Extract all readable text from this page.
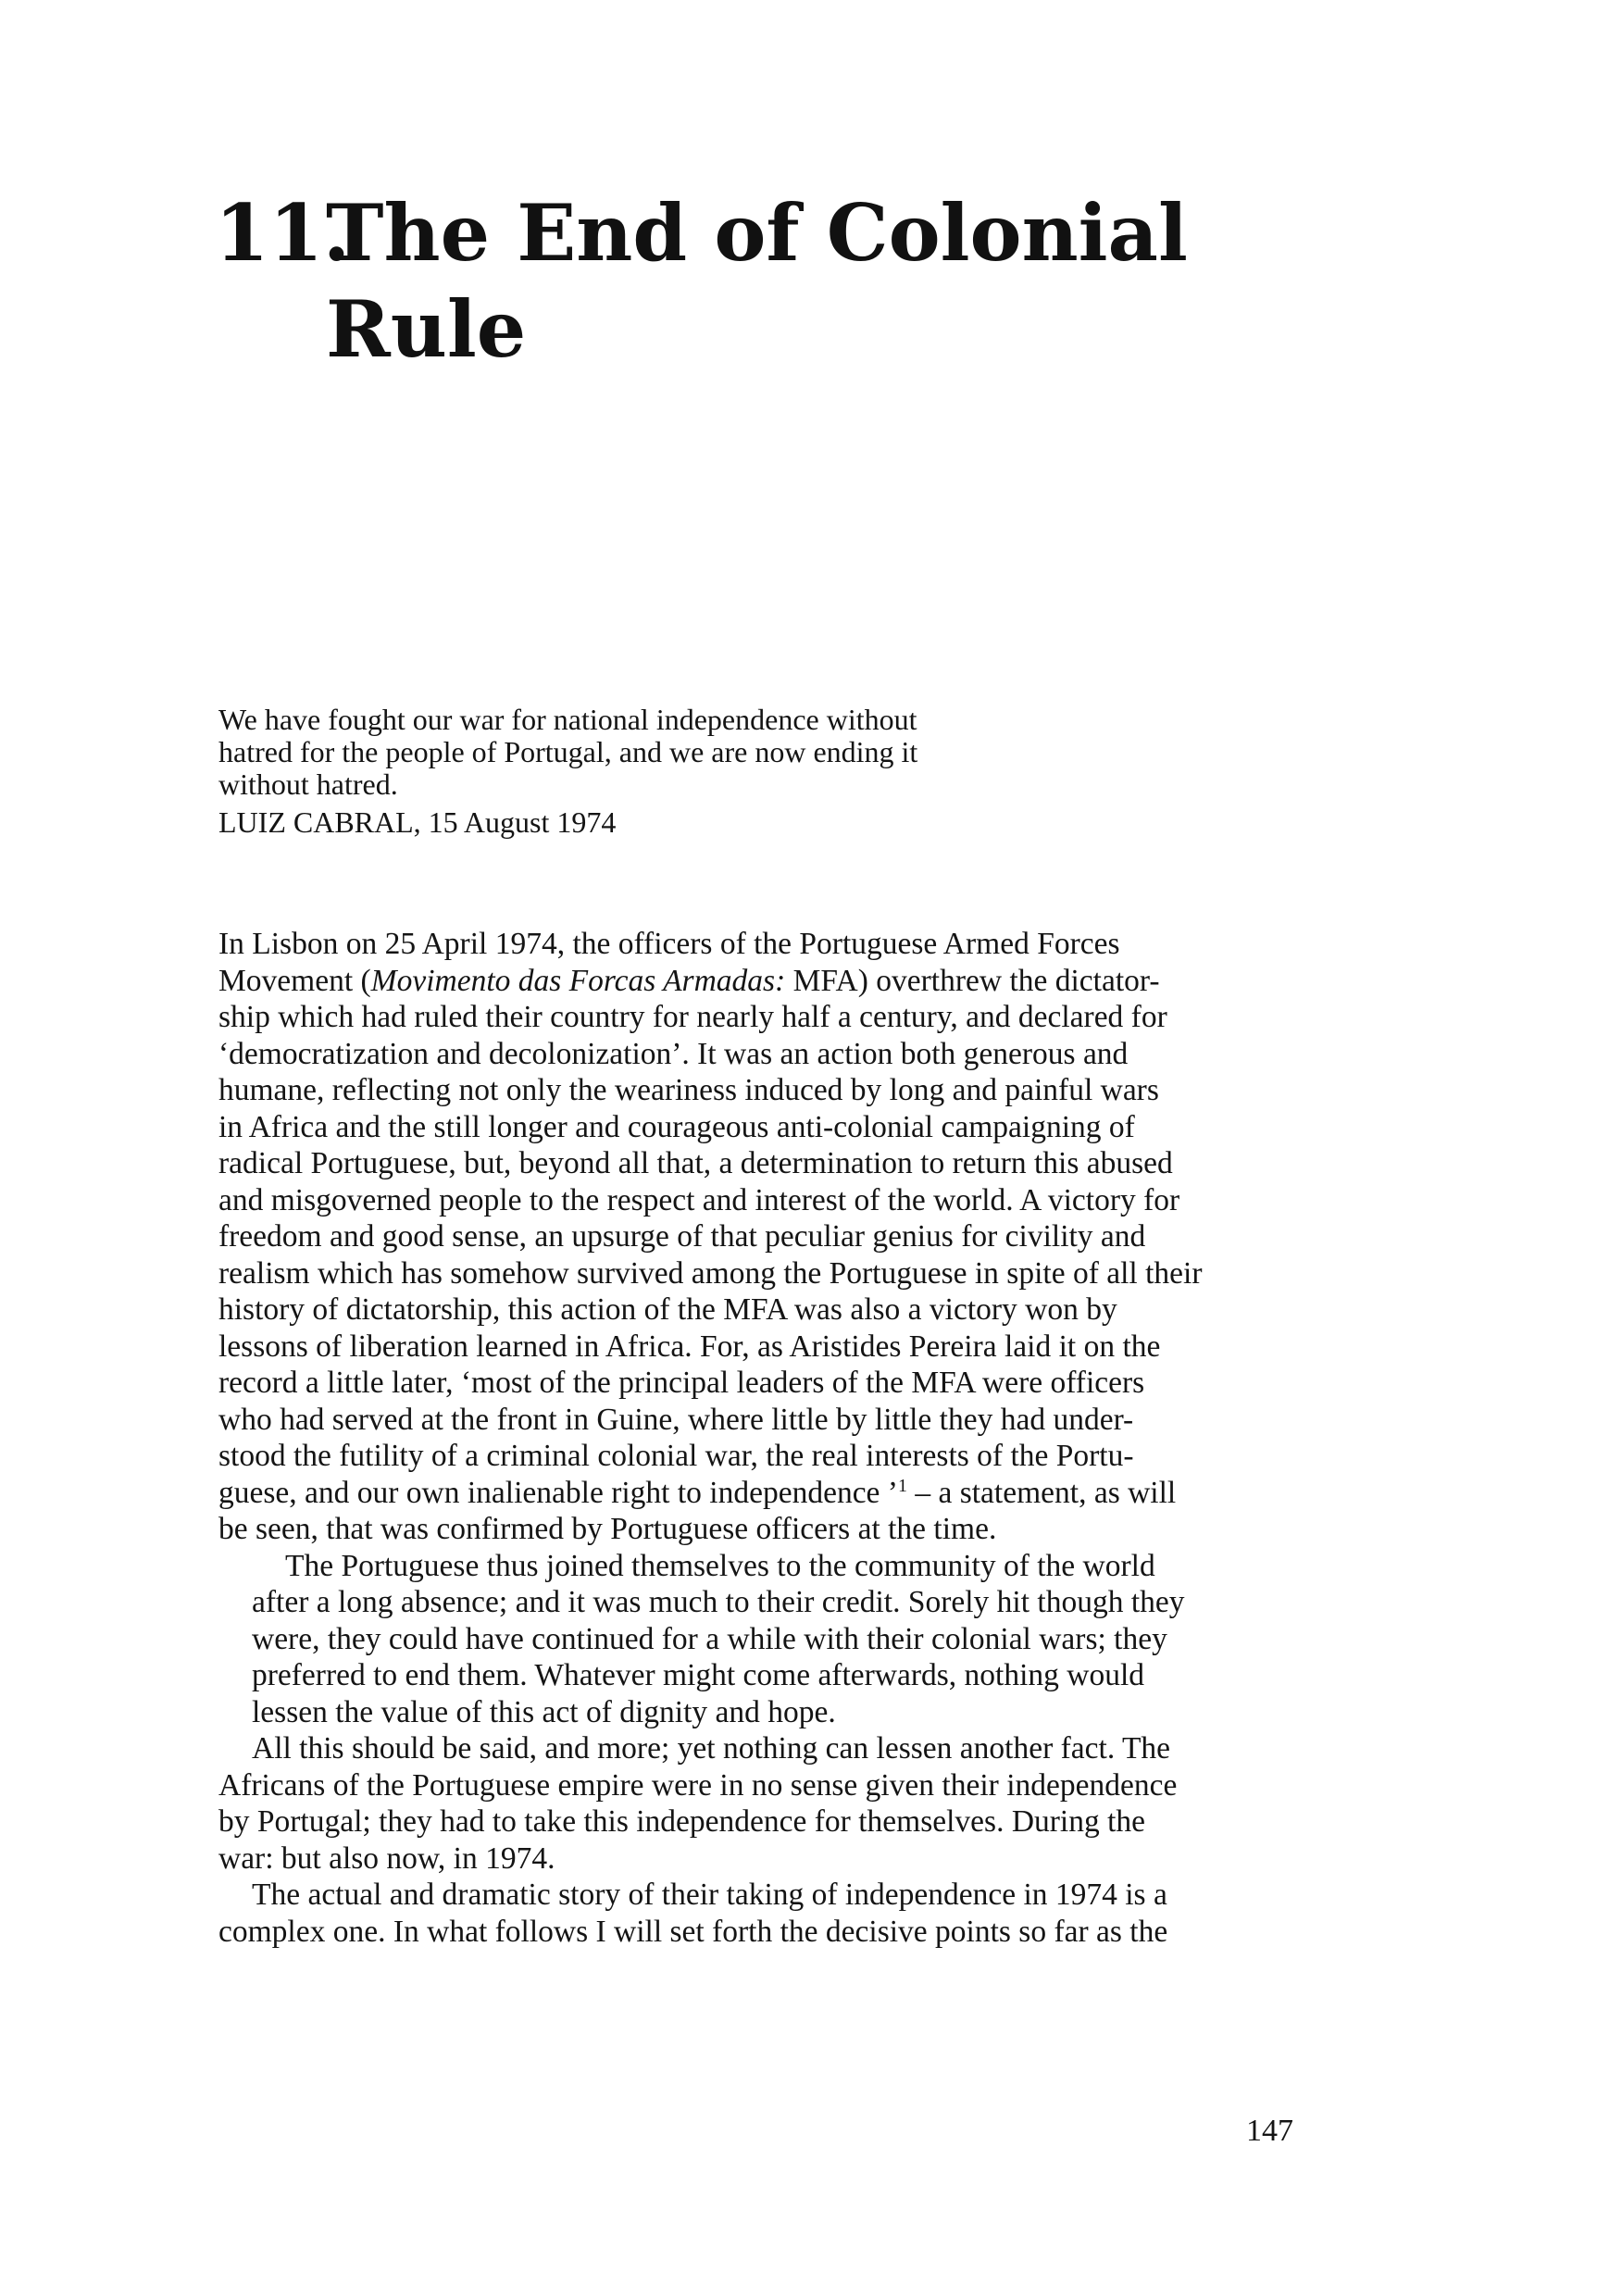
11.The End of Colonial
Rule

We have fought our war for national independence without
hatred for the people of Portugal, and we are now ending it
without hatred.

LUIZ CABRAL, 15 August 1974

In Lisbon on 25 April 1974, the officers of the Portuguese Armed Forces
Movement (Movimento das Forcas Armadas: MFA) overthrew the dictator-
ship which had ruled their country for nearly half a century, and declared for
‘democratization and decolonization’. It was an action both generous and
humane, reflecting not only the weariness induced by long and painful wars
in Africa and the still longer and courageous anti-colonial campaigning of
radical Portuguese, but, beyond all that, a determination to return this abused
and misgoverned people to the respect and interest of the world. A victory for
freedom and good sense, an upsurge of that peculiar genius for civility and
realism which has somehow survived among the Portuguese in spite of all their
history of dictatorship, this action of the MFA was also a victory won by
lessons of liberation learned in Africa. For, as Aristides Pereira laid it on the
record a little later, ‘most of the principal leaders of the MFA were officers
who had served at the front in Guine, where little by little they had under-
stood the futility of a criminal colonial war, the real interests of the Portu-
guese, and our own inalienable right to independence ’$^1$ – a statement, as will
be seen, that was confirmed by Portuguese officers at the time.

The Portuguese thus joined themselves to the community of the world
after a long absence; and it was much to their credit. Sorely hit though they
were, they could have continued for a while with their colonial wars; they
preferred to end them. Whatever might come afterwards, nothing would
lessen the value of this act of dignity and hope.

All this should be said, and more; yet nothing can lessen another fact. The
Africans of the Portuguese empire were in no sense given their independence
by Portugal; they had to take this independence for themselves. During the
war: but also now, in 1974.

The actual and dramatic story of their taking of independence in 1974 is a
complex one. In what follows I will set forth the decisive points so far as the

147
